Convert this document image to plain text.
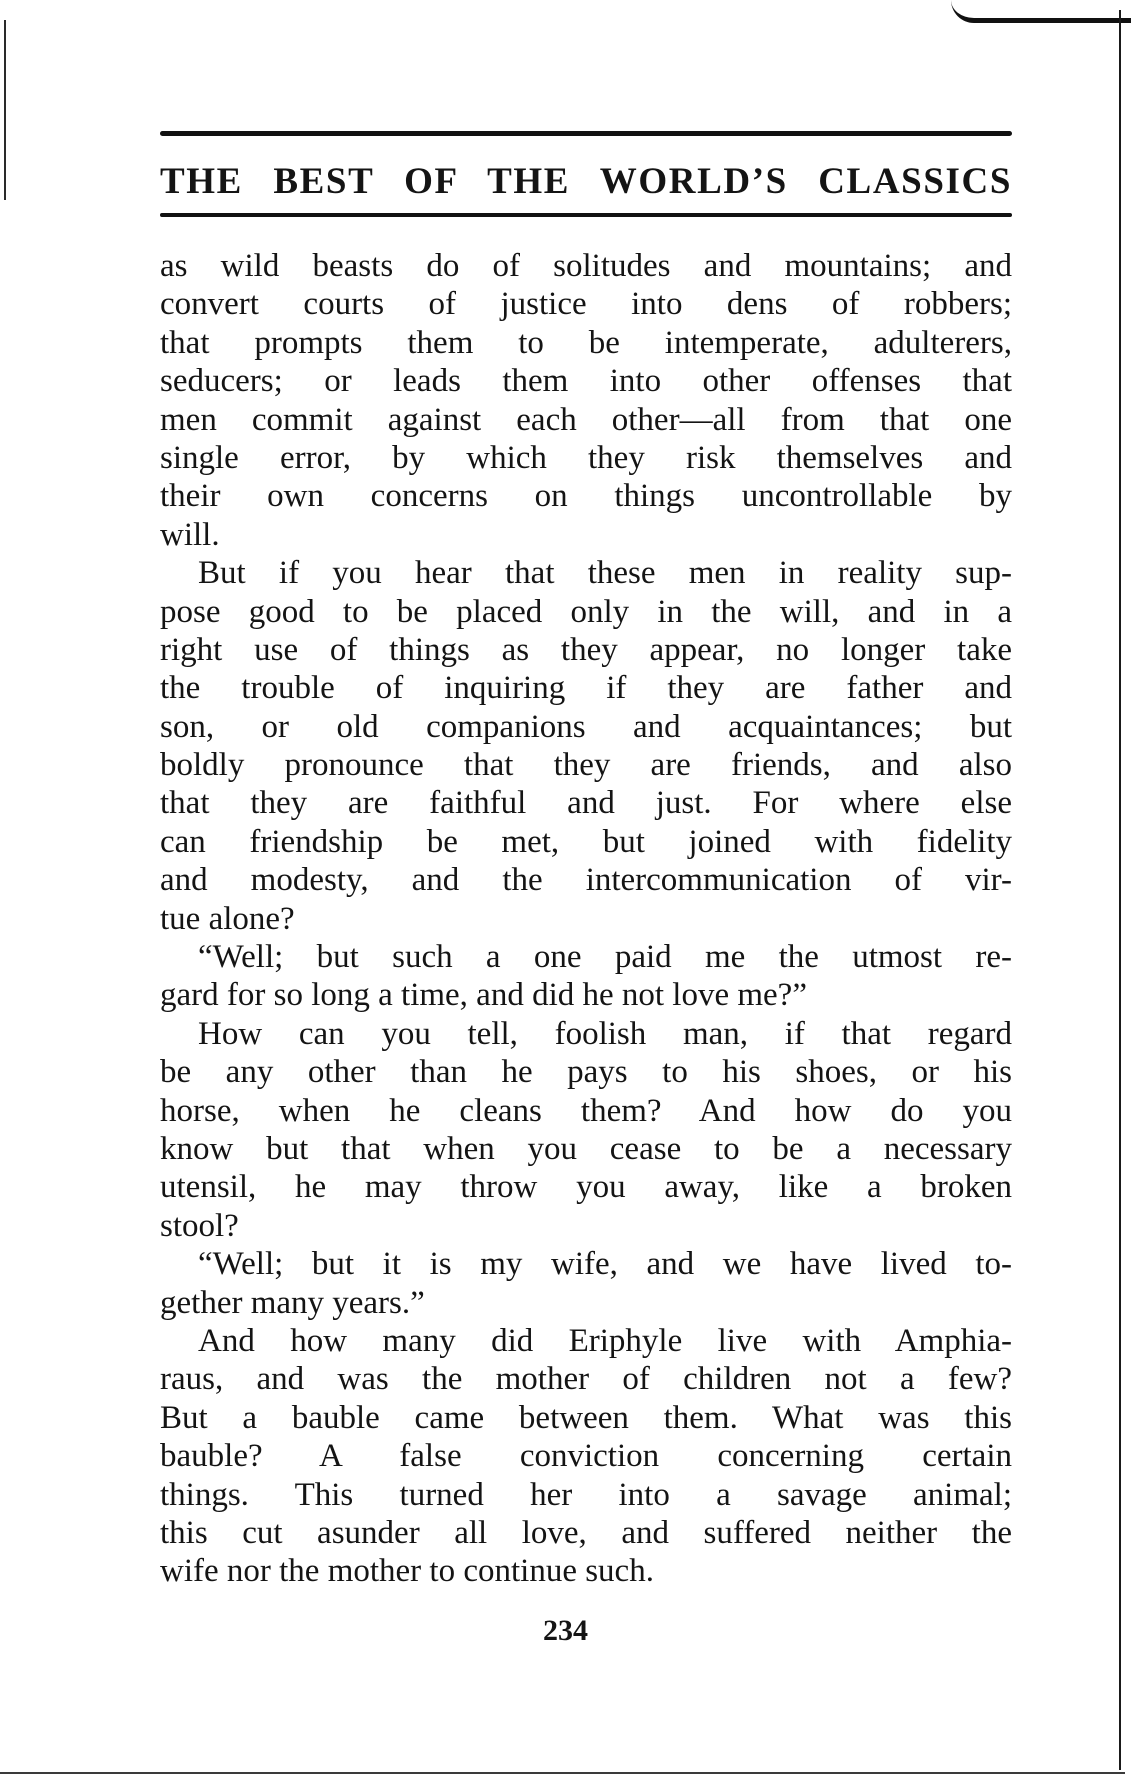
THE BEST OF THE WORLD’S CLASSICS
as wild beasts do of solitudes and mountains; and
convert courts of justice into dens of robbers;
that prompts them to be intemperate, adulterers,
seducers; or leads them into other offenses that
men commit against each other—all from that one
single error, by which they risk themselves and
their own concerns on things uncontrollable by
will.
But if you hear that these men in reality sup-
pose good to be placed only in the will, and in a
right use of things as they appear, no longer take
the trouble of inquiring if they are father and
son, or old companions and acquaintances; but
boldly pronounce that they are friends, and also
that they are faithful and just. For where else
can friendship be met, but joined with fidelity
and modesty, and the intercommunication of vir-
tue alone?
“Well; but such a one paid me the utmost re-
gard for so long a time, and did he not love me?”
How can you tell, foolish man, if that regard
be any other than he pays to his shoes, or his
horse, when he cleans them? And how do you
know but that when you cease to be a necessary
utensil, he may throw you away, like a broken
stool?
“Well; but it is my wife, and we have lived to-
gether many years.”
And how many did Eriphyle live with Amphia-
raus, and was the mother of children not a few?
But a bauble came between them. What was this
bauble? A false conviction concerning certain
things. This turned her into a savage animal;
this cut asunder all love, and suffered neither the
wife nor the mother to continue such.
234
